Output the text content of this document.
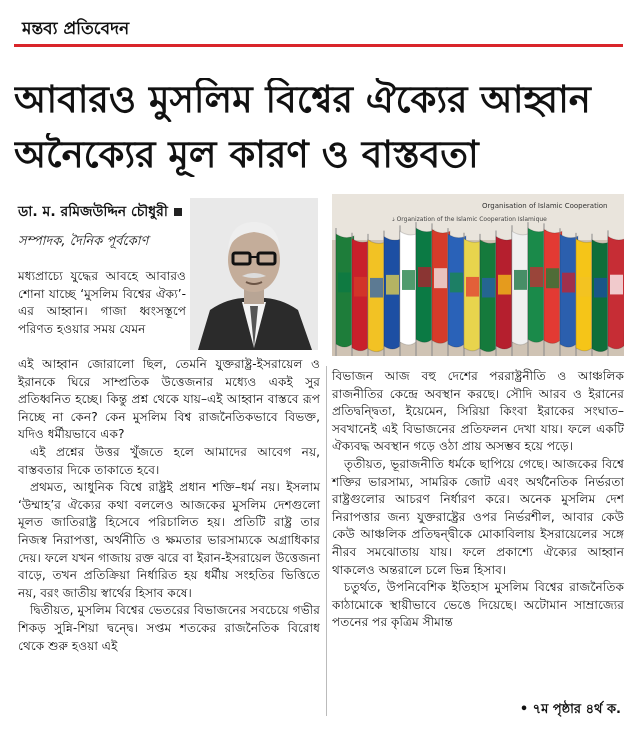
মন্তব্য প্রতিবেদন
আবারও মুসলিম বিশ্বের ঐক্যের আহ্বান
অনৈক্যের মূল কারণ ও বাস্তবতা
ডা. ম. রমিজউদ্দিন চৌধুরী
সম্পাদক, দৈনিক পূর্বকোণ
Organisation of Islamic Cooperation
ذ Organization of the Islamic Cooperation Islamique

মধ্যপ্রাচ্যে যুদ্ধের আবহে আবারও শোনা যাচ্ছে ‘মুসলিম বিশ্বের ঐক্য’-এর আহ্বান। গাজা ধ্বংসস্তূপে পরিণত হওয়ার সময় যেমন

এই আহ্বান জোরালো ছিল, তেমনি যুক্তরাষ্ট্র-ইসরায়েল ও ইরানকে ঘিরে সাম্প্রতিক উত্তেজনার মধ্যেও একই সুর প্রতিধ্বনিত হচ্ছে। কিন্তু প্রশ্ন থেকে যায়–এই আহ্বান বাস্তবে রূপ নিচ্ছে না কেন? কেন মুসলিম বিশ্ব রাজনৈতিকভাবে বিভক্ত, যদিও ধর্মীয়ভাবে এক?

এই প্রশ্নের উত্তর খুঁজতে হলে আমাদের আবেগ নয়, বাস্তবতার দিকে তাকাতে হবে।

প্রথমত, আধুনিক বিশ্বে রাষ্ট্রই প্রধান শক্তি–ধর্ম নয়। ইসলাম ‘উম্মাহ’র ঐক্যের কথা বললেও আজকের মুসলিম দেশগুলো মূলত জাতিরাষ্ট্র হিসেবে পরিচালিত হয়। প্রতিটি রাষ্ট্র তার নিজস্ব নিরাপত্তা, অর্থনীতি ও ক্ষমতার ভারসাম্যকে অগ্রাধিকার দেয়। ফলে যখন গাজায় রক্ত ঝরে বা ইরান-ইসরায়েল উত্তেজনা বাড়ে, তখন প্রতিক্রিয়া নির্ধারিত হয় ধর্মীয় সংহতির ভিত্তিতে নয়, বরং জাতীয় স্বার্থের হিসাব কষে।

দ্বিতীয়ত, মুসলিম বিশ্বের ভেতরের বিভাজনের সবচেয়ে গভীর শিকড় সুন্নি-শিয়া দ্বন্দ্বে। সপ্তম শতকের রাজনৈতিক বিরোধ থেকে শুরু হওয়া এই

বিভাজন আজ বহু দেশের পররাষ্ট্রনীতি ও আঞ্চলিক রাজনীতির কেন্দ্রে অবস্থান করছে। সৌদি আরব ও ইরানের প্রতিদ্বন্দ্বিতা, ইয়েমেন, সিরিয়া কিংবা ইরাকের সংঘাত– সবখানেই এই বিভাজনের প্রতিফলন দেখা যায়। ফলে একটি ঐক্যবদ্ধ অবস্থান গড়ে ওঠা প্রায় অসম্ভব হয়ে পড়ে।

তৃতীয়ত, ভূরাজনীতি ধর্মকে ছাপিয়ে গেছে। আজকের বিশ্বে শক্তির ভারসাম্য, সামরিক জোট এবং অর্থনৈতিক নির্ভরতা রাষ্ট্রগুলোর আচরণ নির্ধারণ করে। অনেক মুসলিম দেশ নিরাপত্তার জন্য যুক্তরাষ্ট্রের ওপর নির্ভরশীল, আবার কেউ কেউ আঞ্চলিক প্রতিদ্বন্দ্বীকে মোকাবিলায় ইসরায়েলের সঙ্গে নীরব সমঝোতায় যায়। ফলে প্রকাশ্যে ঐক্যের আহ্বান থাকলেও অন্তরালে চলে ভিন্ন হিসাব।

চতুর্থত, উপনিবেশিক ইতিহাস মুসলিম বিশ্বের রাজনৈতিক কাঠামোকে স্থায়ীভাবে ভেঙে দিয়েছে। অটোমান সাম্রাজ্যের পতনের পর কৃত্রিম সীমান্ত

• ৭ম পৃষ্ঠার ৪র্থ ক.
